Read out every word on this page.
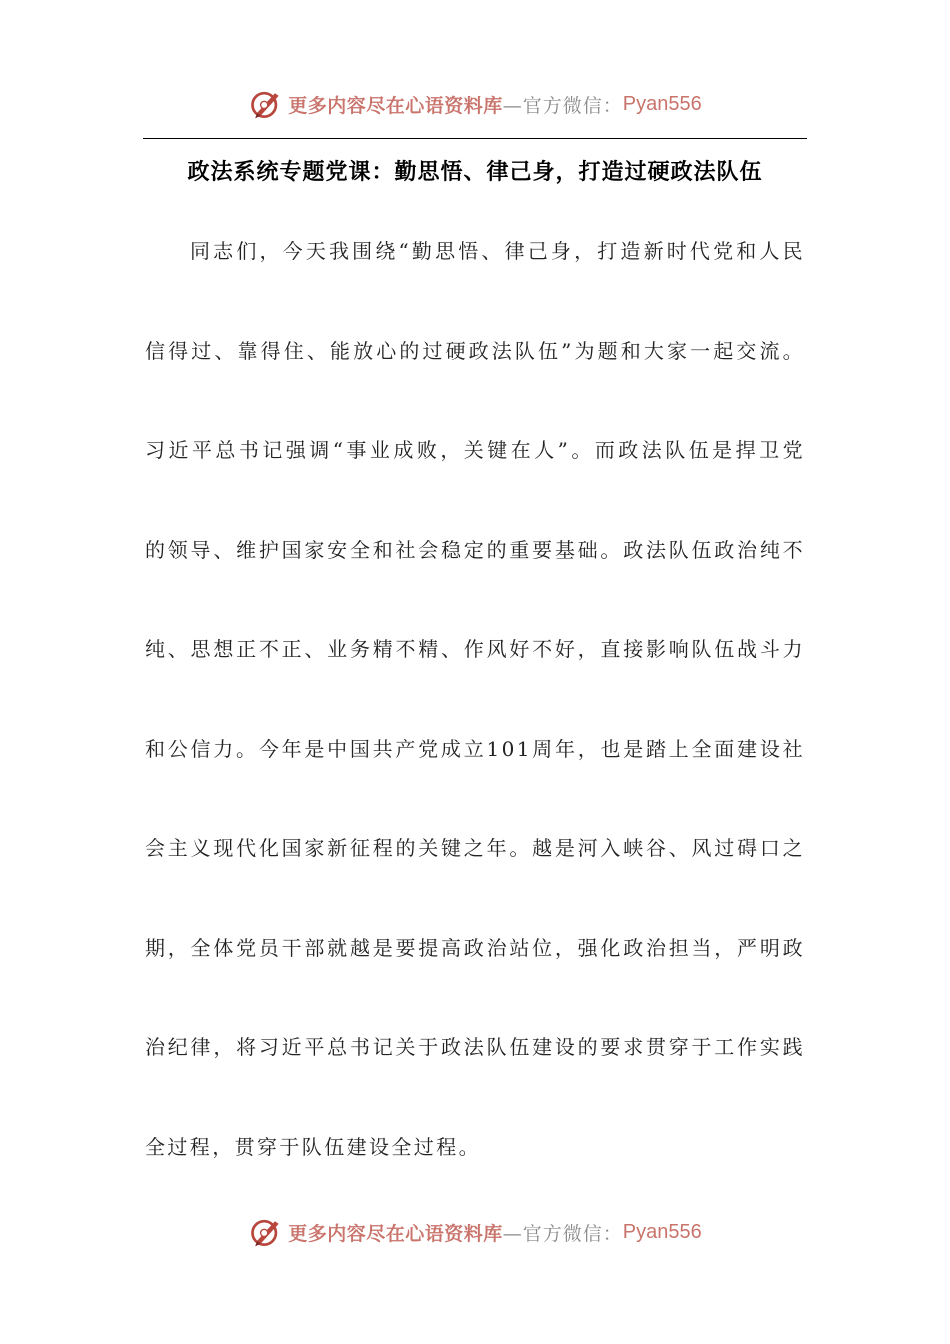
更多内容尽在心语资料库 —官方微信： Pyan556
政法系统专题党课：勤思悟、律己身，打造过硬政法队伍
同志们，今天我围绕“勤思悟、律己身，打造新时代党和人民
信得过、靠得住、能放心的过硬政法队伍”为题和大家一起交流。
习近平总书记强调“事业成败，关键在人”。而政法队伍是捍卫党
的领导、维护国家安全和社会稳定的重要基础。政法队伍政治纯不
纯、思想正不正、业务精不精、作风好不好，直接影响队伍战斗力
和公信力。今年是中国共产党成立101周年，也是踏上全面建设社
会主义现代化国家新征程的关键之年。越是河入峡谷、风过碍口之
期，全体党员干部就越是要提高政治站位，强化政治担当，严明政
治纪律，将习近平总书记关于政法队伍建设的要求贯穿于工作实践
全过程，贯穿于队伍建设全过程。
更多内容尽在心语资料库 —官方微信： Pyan556
